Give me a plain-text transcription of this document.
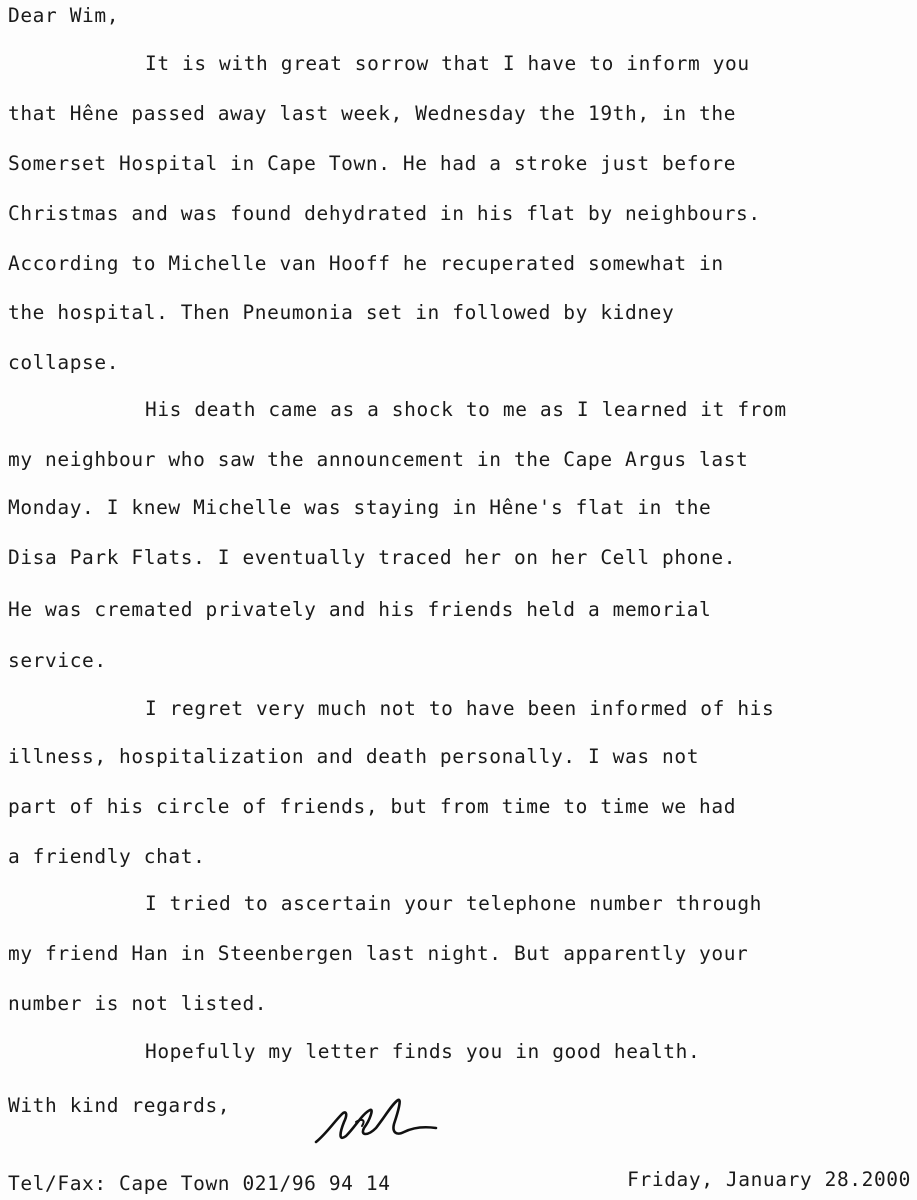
Dear Wim,
It is with great sorrow that I have to inform you
that Hêne passed away last week, Wednesday the 19th, in the
Somerset Hospital in Cape Town. He had a stroke just before
Christmas and was found dehydrated in his flat by neighbours.
According to Michelle van Hooff he recuperated somewhat in
the hospital. Then Pneumonia set in followed by kidney
collapse.
His death came as a shock to me as I learned it from
my neighbour who saw the announcement in the Cape Argus last
Monday. I knew Michelle was staying in Hêne's flat in the
Disa Park Flats. I eventually traced her on her Cell phone.
He was cremated privately and his friends held a memorial
service.
I regret very much not to have been informed of his
illness, hospitalization and death personally. I was not
part of his circle of friends, but from time to time we had
a friendly chat.
I tried to ascertain your telephone number through
my friend Han in Steenbergen last night. But apparently your
number is not listed.
Hopefully my letter finds you in good health.
With kind regards,
Tel/Fax: Cape Town 021/96 94 14	Friday, January 28.2000
